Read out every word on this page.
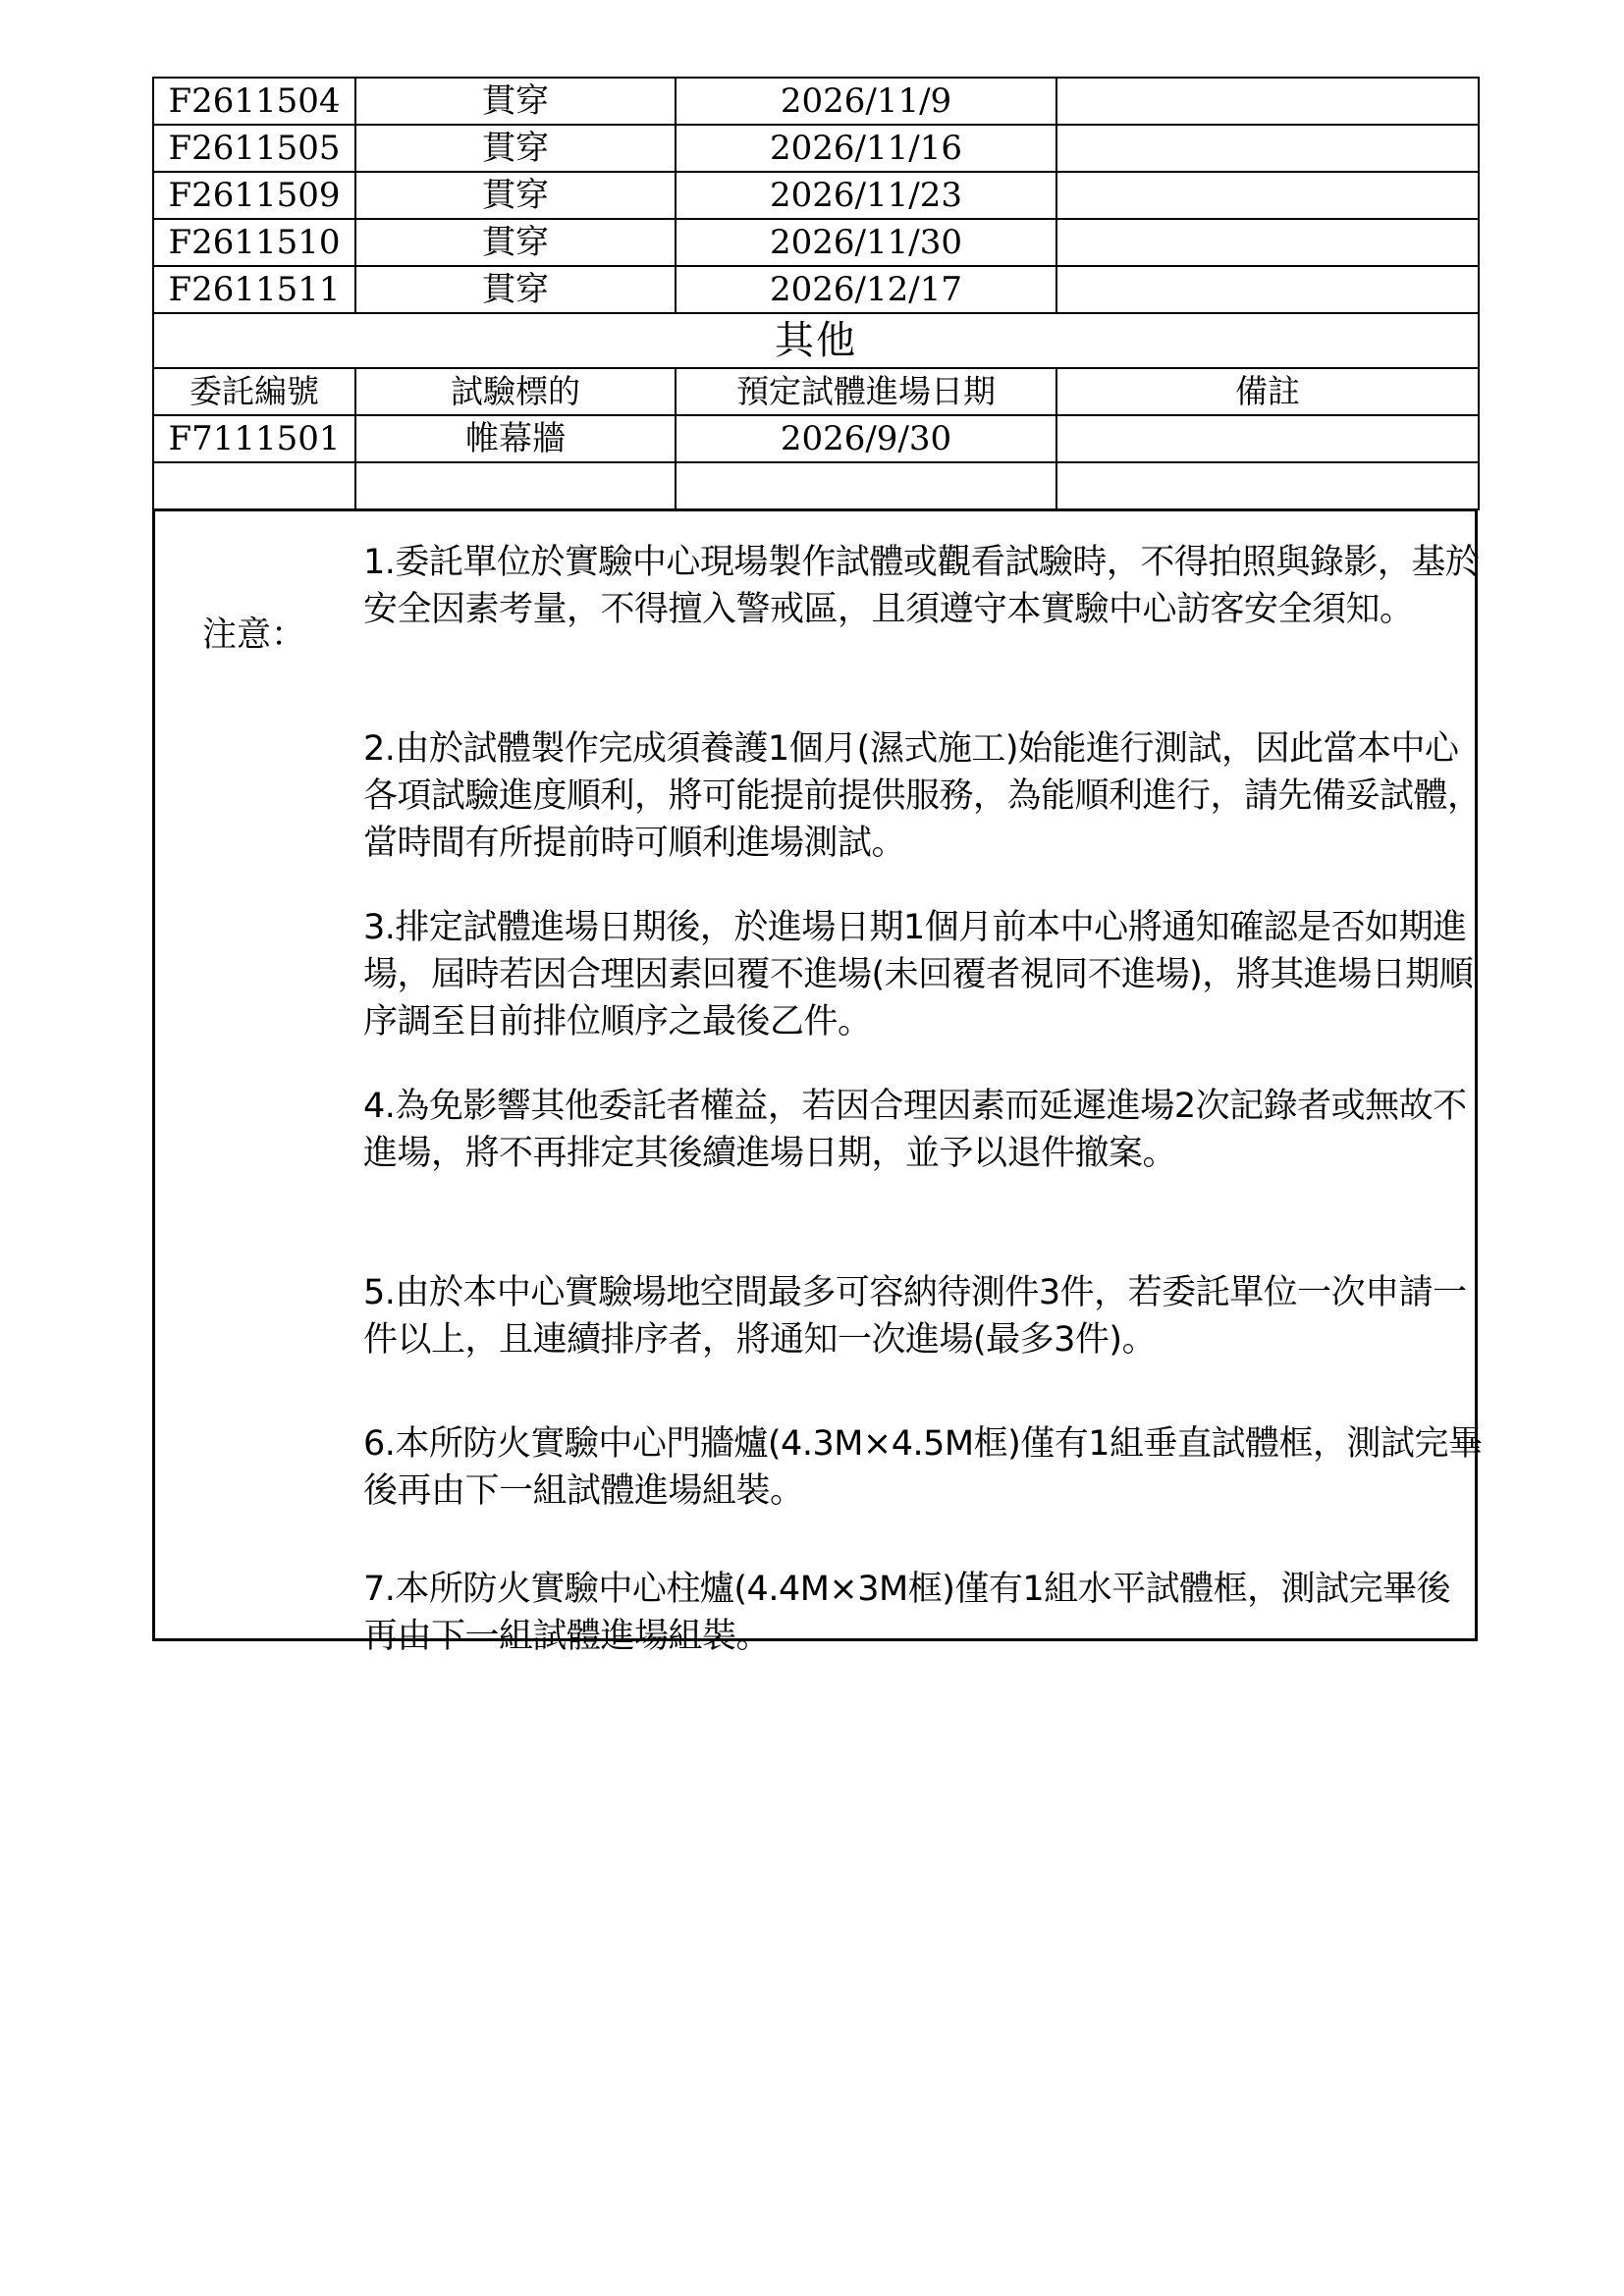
F2611504	貫穿	2026/11/9	
F2611505	貫穿	2026/11/16	
F2611509	貫穿	2026/11/23	
F2611510	貫穿	2026/11/30	
F2611511	貫穿	2026/12/17	
其他			
委託編號	試驗標的	預定試體進場日期	備註
F7111501	帷幕牆	2026/9/30	

注意：
1.委託單位於實驗中心現場製作試體或觀看試驗時，不得拍照與錄影，基於安全因素考量，不得擅入警戒區，且須遵守本實驗中心訪客安全須知。
2.由於試體製作完成須養護1個月(濕式施工)始能進行測試，因此當本中心各項試驗進度順利，將可能提前提供服務，為能順利進行，請先備妥試體，當時間有所提前時可順利進場測試。
3.排定試體進場日期後，於進場日期1個月前本中心將通知確認是否如期進場，屆時若因合理因素回覆不進場(未回覆者視同不進場)，將其進場日期順序調至目前排位順序之最後乙件。
4.為免影響其他委託者權益，若因合理因素而延遲進場2次記錄者或無故不進場，將不再排定其後續進場日期，並予以退件撤案。
5.由於本中心實驗場地空間最多可容納待測件3件，若委託單位一次申請一件以上，且連續排序者，將通知一次進場(最多3件)。
6.本所防火實驗中心門牆爐(4.3M×4.5M框)僅有1組垂直試體框，測試完畢後再由下一組試體進場組裝。
7.本所防火實驗中心柱爐(4.4M×3M框)僅有1組水平試體框，測試完畢後再由下一組試體進場組裝。
